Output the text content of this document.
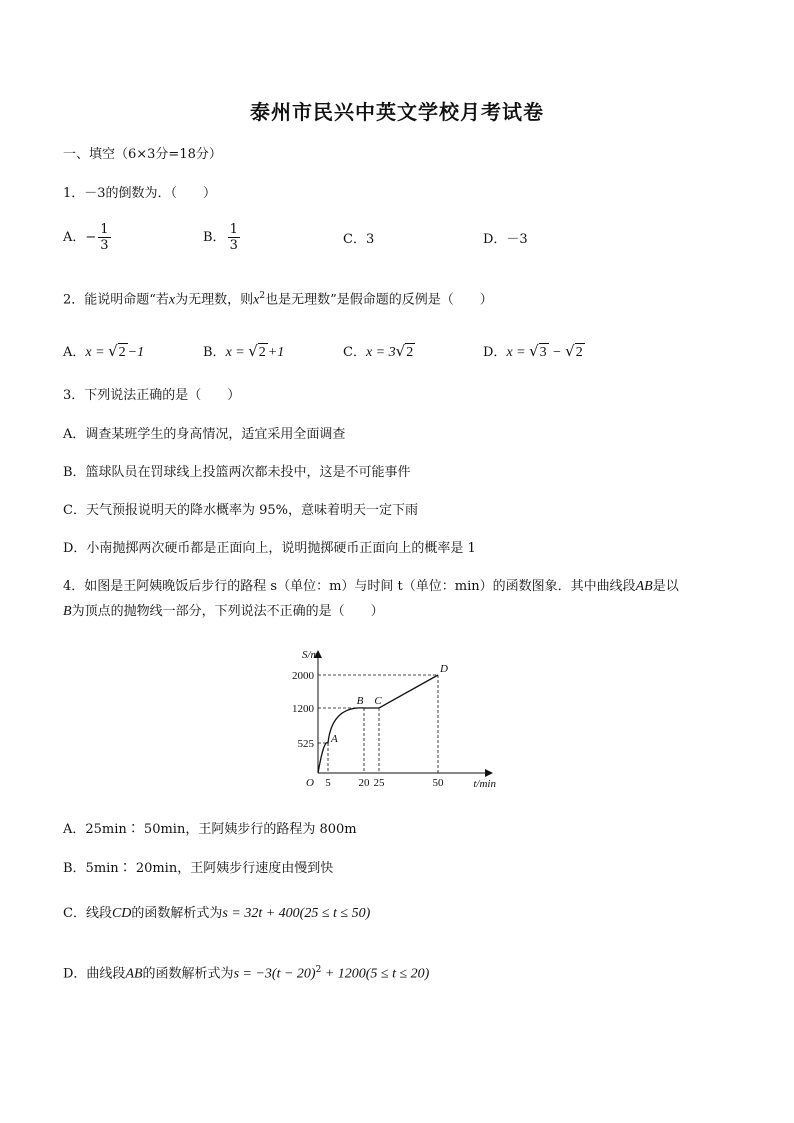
泰州市民兴中英文学校月考试卷
一、填空（6×3分=18分）
1．－3的倒数为．（　　）
A．− $\frac{1}{3}$	B． $\frac{1}{3}$	C．3	D．－3
2．能说明命题“若x为无理数，则$x^2$也是无理数”是假命题的反例是（　　）
A．x = √2 −1	B．x = √2 +1	C．x = 3√2	D．x = √3 − √2
3．下列说法正确的是（　　）
A．调查某班学生的身高情况，适宜采用全面调查
B．篮球队员在罚球线上投篮两次都未投中，这是不可能事件
C．天气预报说明天的降水概率为 95%，意味着明天一定下雨
D．小南抛掷两次硬币都是正面向上，说明抛掷硬币正面向上的概率是 1
4．如图是王阿姨晚饭后步行的路程 s（单位：m）与时间 t（单位：min）的函数图象．其中曲线段AB是以
B为顶点的抛物线一部分，下列说法不正确的是（　　）
S/m
t/min
O
2000
1200
525
5	20 25	50
A
B C
D
A．25min∶ 50min，王阿姨步行的路程为 800m
B．5min∶ 20min，王阿姨步行速度由慢到快
C．线段CD的函数解析式为s = 32t + 400(25 ≤ t ≤ 50)
D．曲线段AB的函数解析式为$s = -3(t - 20)^2 + 1200(5 \le t \le 20)$
